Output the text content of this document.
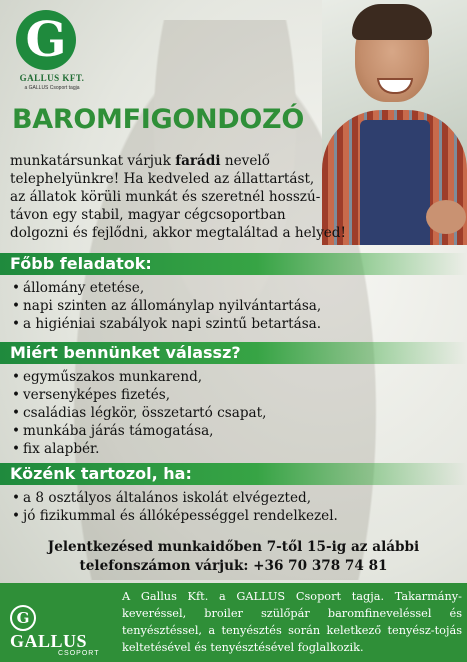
G
GALLUS KFT.
a GALLUS Csoport tagja
BAROMFIGONDOZÓ
munkatársunkat várjuk farádi nevelő
telephelyünkre! Ha kedveled az állattartást,
az állatok körüli munkát és szeretnél hosszú-
távon egy stabil, magyar cégcsoportban
dolgozni és fejlődni, akkor megtaláltad a helyed!
Főbb feladatok:
• állomány etetése,
• napi szinten az állománylap nyilvántartása,
• a higiéniai szabályok napi szintű betartása.
Miért bennünket válassz?
• egyműszakos munkarend,
• versenyképes fizetés,
• családias légkör, összetartó csapat,
• munkába járás támogatása,
• fix alapbér.
Közénk tartozol, ha:
• a 8 osztályos általános iskolát elvégezted,
• jó fizikummal és állóképességgel rendelkezel.
Jelentkezésed munkaidőben 7-től 15-ig az alábbi
telefonszámon várjuk: +36 70 378 74 81
G GALLUS
CSOPORT
A Gallus Kft. a GALLUS Csoport tagja. Takarmány-keveréssel, broiler szülőpár baromfineveléssel és tenyésztéssel, a tenyésztés során keletkező tenyész-tojás keltetésével és tenyésztésével foglalkozik.
